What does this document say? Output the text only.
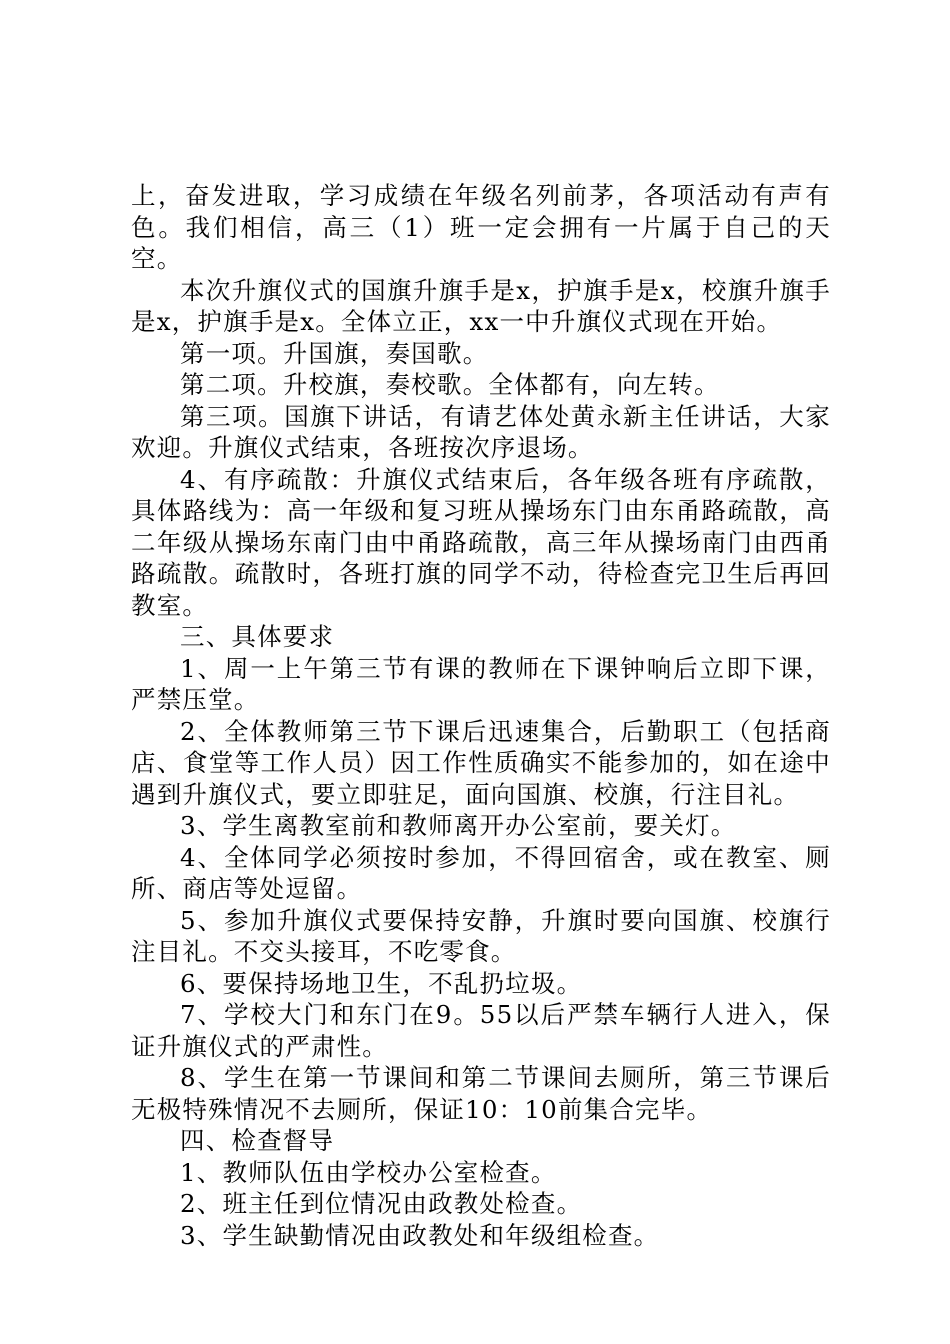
上，奋发进取，学习成绩在年级名列前茅，各项活动有声有色。我们相信，高三（1）班一定会拥有一片属于自己的天空。

本次升旗仪式的国旗升旗手是x，护旗手是x，校旗升旗手是x，护旗手是x。全体立正，xx一中升旗仪式现在开始。

第一项。升国旗，奏国歌。

第二项。升校旗，奏校歌。全体都有，向左转。

第三项。国旗下讲话，有请艺体处黄永新主任讲话，大家欢迎。升旗仪式结束，各班按次序退场。

4、有序疏散：升旗仪式结束后，各年级各班有序疏散，具体路线为：高一年级和复习班从操场东门由东甬路疏散，高二年级从操场东南门由中甬路疏散，高三年从操场南门由西甬路疏散。疏散时，各班打旗的同学不动，待检查完卫生后再回教室。

三、具体要求

1、周一上午第三节有课的教师在下课钟响后立即下课，严禁压堂。

2、全体教师第三节下课后迅速集合，后勤职工（包括商店、食堂等工作人员）因工作性质确实不能参加的，如在途中遇到升旗仪式，要立即驻足，面向国旗、校旗，行注目礼。

3、学生离教室前和教师离开办公室前，要关灯。

4、全体同学必须按时参加，不得回宿舍，或在教室、厕所、商店等处逗留。

5、参加升旗仪式要保持安静，升旗时要向国旗、校旗行注目礼。不交头接耳，不吃零食。

6、要保持场地卫生，不乱扔垃圾。

7、学校大门和东门在9。55以后严禁车辆行人进入，保证升旗仪式的严肃性。

8、学生在第一节课间和第二节课间去厕所，第三节课后无极特殊情况不去厕所，保证10：10前集合完毕。

四、检查督导

1、教师队伍由学校办公室检查。

2、班主任到位情况由政教处检查。

3、学生缺勤情况由政教处和年级组检查。
